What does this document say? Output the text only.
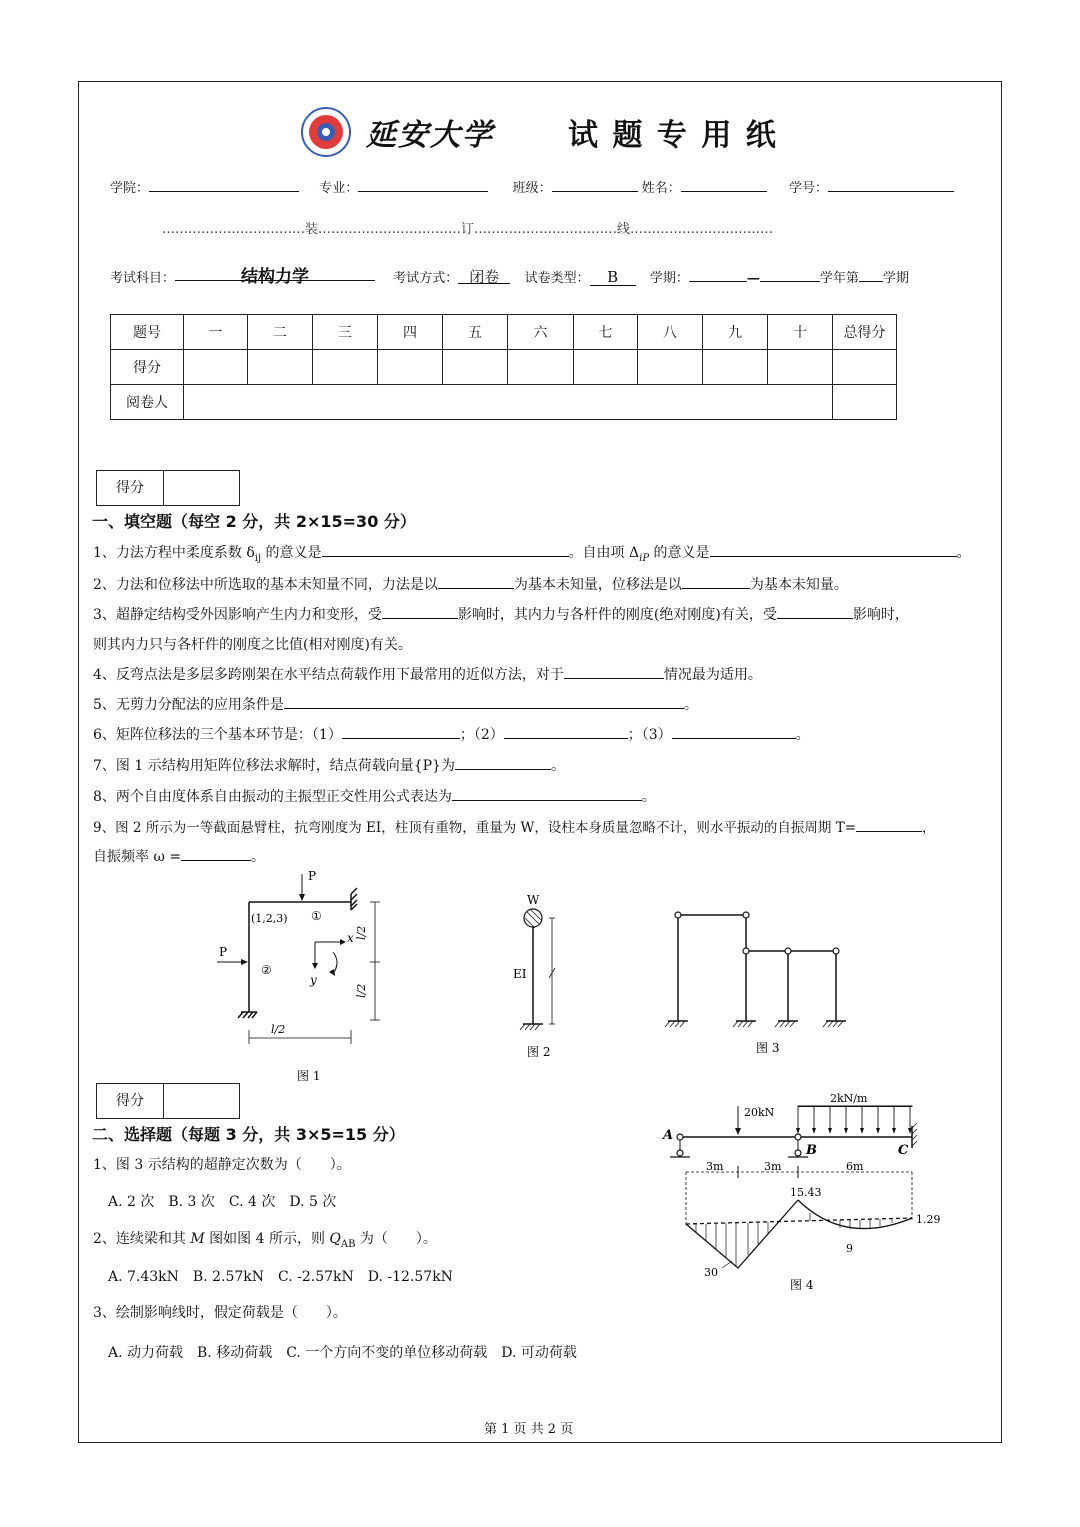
延安大学 试 题 专 用 纸
学院：	专业：	班级：	姓名：	学号：
……………………………装……………………………订……………………………线……………………………
考试科目：	结构力学	考试方式： 闭卷 试卷类型： B 学期：	—	学年第 学期
题号	一	二	三	四	五	六	七	八	九	十	总得分
得分											
阅卷人											
得分
一、填空题（每空 2 分，共 2×15=30 分）
1、力法方程中柔度系数 $\delta_{ij}$ 的意义是	。自由项 $\Delta_{iP}$ 的意义是	。
2、力法和位移法中所选取的基本未知量不同，力法是以	为基本未知量，位移法是以	为基本未知量。
3、超静定结构受外因影响产生内力和变形，受	影响时，其内力与各杆件的刚度(绝对刚度)有关，受	影响时，
则其内力只与各杆件的刚度之比值(相对刚度)有关。
4、反弯点法是多层多跨刚架在水平结点荷载作用下最常用的近似方法，对于	情况最为适用。
5、无剪力分配法的应用条件是	。
6、矩阵位移法的三个基本环节是：（1）	；（2）	；（3）	。
7、图 1 示结构用矩阵位移法求解时，结点荷载向量{P}为	。
8、两个自由度体系自由振动的主振型正交性用公式表达为	。
9、图 2 所示为一等截面悬臂柱，抗弯刚度为 EI，柱顶有重物，重量为 W，设柱本身质量忽略不计，则水平振动的自振周期 T=	，
自振频率 ω =	。
P
P
(1,2,3) ①
②
x
y
l/2
l/2
l/2
图 1
W
EI
图 2	图 3
20kN
2kN/m
A
B	C
3m	3m	6m
15.43
1.29
9
30
图 4
得分
二、选择题（每题 3 分，共 3×5=15 分）
1、图 3 示结构的超静定次数为（　　）。
A. 2 次　B. 3 次　C. 4 次　D. 5 次
2、连续梁和其 M 图如图 4 所示，则 $Q_{AB}$ 为（　　）。
A. 7.43kN　B. 2.57kN　C. -2.57kN　D. -12.57kN
3、绘制影响线时，假定荷载是（　　）。
A. 动力荷载　B. 移动荷载　C. 一个方向不变的单位移动荷载　D. 可动荷载
第 1 页 共 2 页
